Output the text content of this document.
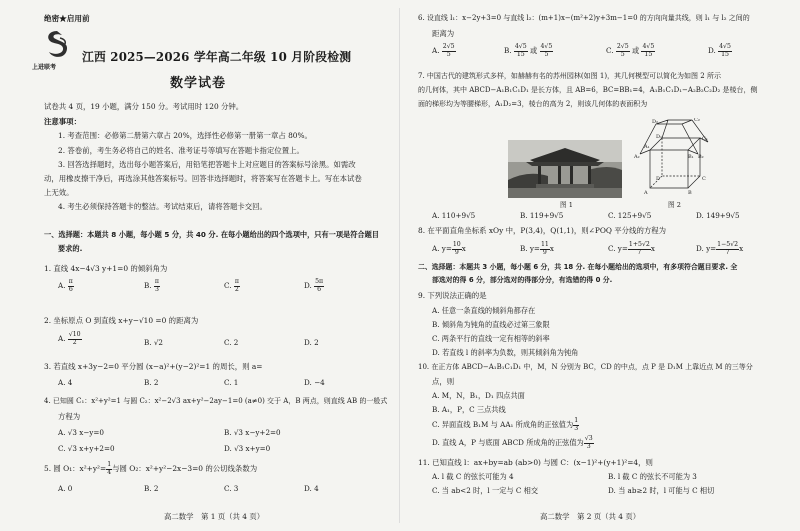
绝密★启用前
上进联考
江西 2025—2026 学年高二年级 10 月阶段检测
数学试卷
试卷共 4 页，19 小题，满分 150 分。考试用时 120 分钟。
注意事项：
1. 考查范围：必修第二册第六章占 20%，选择性必修第一册第一章占 80%。
2. 答卷前，考生务必将自己的姓名、准考证号等填写在答题卡指定位置上。
3. 回答选择题时，选出每小题答案后，用铅笔把答题卡上对应题目的答案标号涂黑。如需改
动，用橡皮擦干净后，再选涂其他答案标号。回答非选择题时，将答案写在答题卡上。写在本试卷
上无效。
4. 考生必须保持答题卡的整洁。考试结束后，请将答题卡交回。
一、选择题：本题共 8 小题，每小题 5 分，共 40 分. 在每小题给出的四个选项中，只有一项是符合题目
要求的.
1. 直线 4x−4√3 y+1=0 的倾斜角为
A. $\frac{\pi}{6}$	B. $\frac{\pi}{3}$	C. $\frac{\pi}{2}$	D. $\frac{5\pi}{6}$
2. 坐标原点 O 到直线 x+y−√10 =0 的距离为
A. $\frac{√10}{2}$	B. √2	C. 2	D. 2
3. 若直线 x+3y−2=0 平分圆 (x−a)²+(y−2)²=1 的周长，则 a=
A. 4	B. 2	C. 1	D. −4
4. 已知圆 C₁：x²+y²=1 与圆 C₂：x²−2√3 ax+y²−2ay−1=0 (a≠0) 交于 A，B 两点，则直线 AB 的一般式
方程为
A. √3 x−y=0	B. √3 x−y+2=0
C. √3 x+y+2=0	D. √3 x+y=0
5. 圆 O₁：$x^2+y^2= \frac{1}{4}$ 与圆 O₂：x²+y²−2x−3=0 的公切线条数为
A. 0	B. 2	C. 3	D. 4
高二数学　第 1 页（共 4 页）
6. 设直线 l₁：x−2y+3=0 与直线 l₂：(m+1)x−(m²+2)y+3m−1=0 的方向向量共线，则 l₁ 与 l₂ 之间的
距离为
A. $\frac{2√5}{5}$	B. $\frac{4√5}{15}$ 或 $\frac{4√5}{5}$	C. $\frac{2√5}{5}$ 或 $\frac{4√5}{15}$	D. $\frac{4√5}{15}$
7. 中国古代的建筑形式多样，如赫赫有名的苏州园林(如图 1)，其几何模型可以简化为如图 2 所示
的几何体，其中 ABCD−A₁B₁C₁D₁ 是长方体，且 AB=6，BC=BB₁=4，A₁B₁C₁D₁−A₂B₂C₂D₂ 是棱台，侧
面的梯形均为等腰梯形，A₁D₂=3，棱台的高为 2，则该几何体的表面积为
图 1
A₂
A₁
B₁ B₂
A	B
C
D
C₁
D₁
D₂	C₂
图 2
A. 110+9√5	B. 119+9√5	C. 125+9√5	D. 149+9√5
8. 在平面直角坐标系 xOy 中，P(3,4)，Q(1,1)，则∠POQ 平分线的方程为
A. $y= \frac{10}{9}$ x	B. $y= \frac{11}{9}$ x	C. $y= \frac{1+5√2}{7}$ x	D. $y= \frac{1-5√2}{7}$ x
二、选择题：本题共 3 小题，每小题 6 分，共 18 分. 在每小题给出的选项中，有多项符合题目要求. 全
部选对的得 6 分，部分选对的得部分分，有选错的得 0 分.
9. 下列说法正确的是
A. 任意一条直线的倾斜角都存在
B. 倾斜角为钝角的直线必过第三象限
C. 两条平行的直线一定有相等的斜率
D. 若直线 l 的斜率为负数，则其倾斜角为钝角
10. 在正方体 ABCD−A₁B₁C₁D₁ 中，M，N 分别为 BC，CD 的中点，点 P 是 D₁M 上靠近点 M 的三等分
点，则
A. M，N，B₁，D₁ 四点共面
B. A₁，P，C 三点共线
C. 异面直线 B₁M 与 AA₁ 所成角的正弦值为 $\frac{1}{3}$
D. 直线 A，P 与底面 ABCD 所成角的正弦值为 $\frac{√3}{3}$
11. 已知直线 l：ax+by=ab (ab>0) 与圆 C：(x−1)²+(y+1)²=4，则
A. l 截 C 的弦长可能为 4	B. l 截 C 的弦长不可能为 3
C. 当 ab<2 时，l 一定与 C 相交	D. 当 ab≥2 时，l 可能与 C 相切
高二数学　第 2 页（共 4 页）
